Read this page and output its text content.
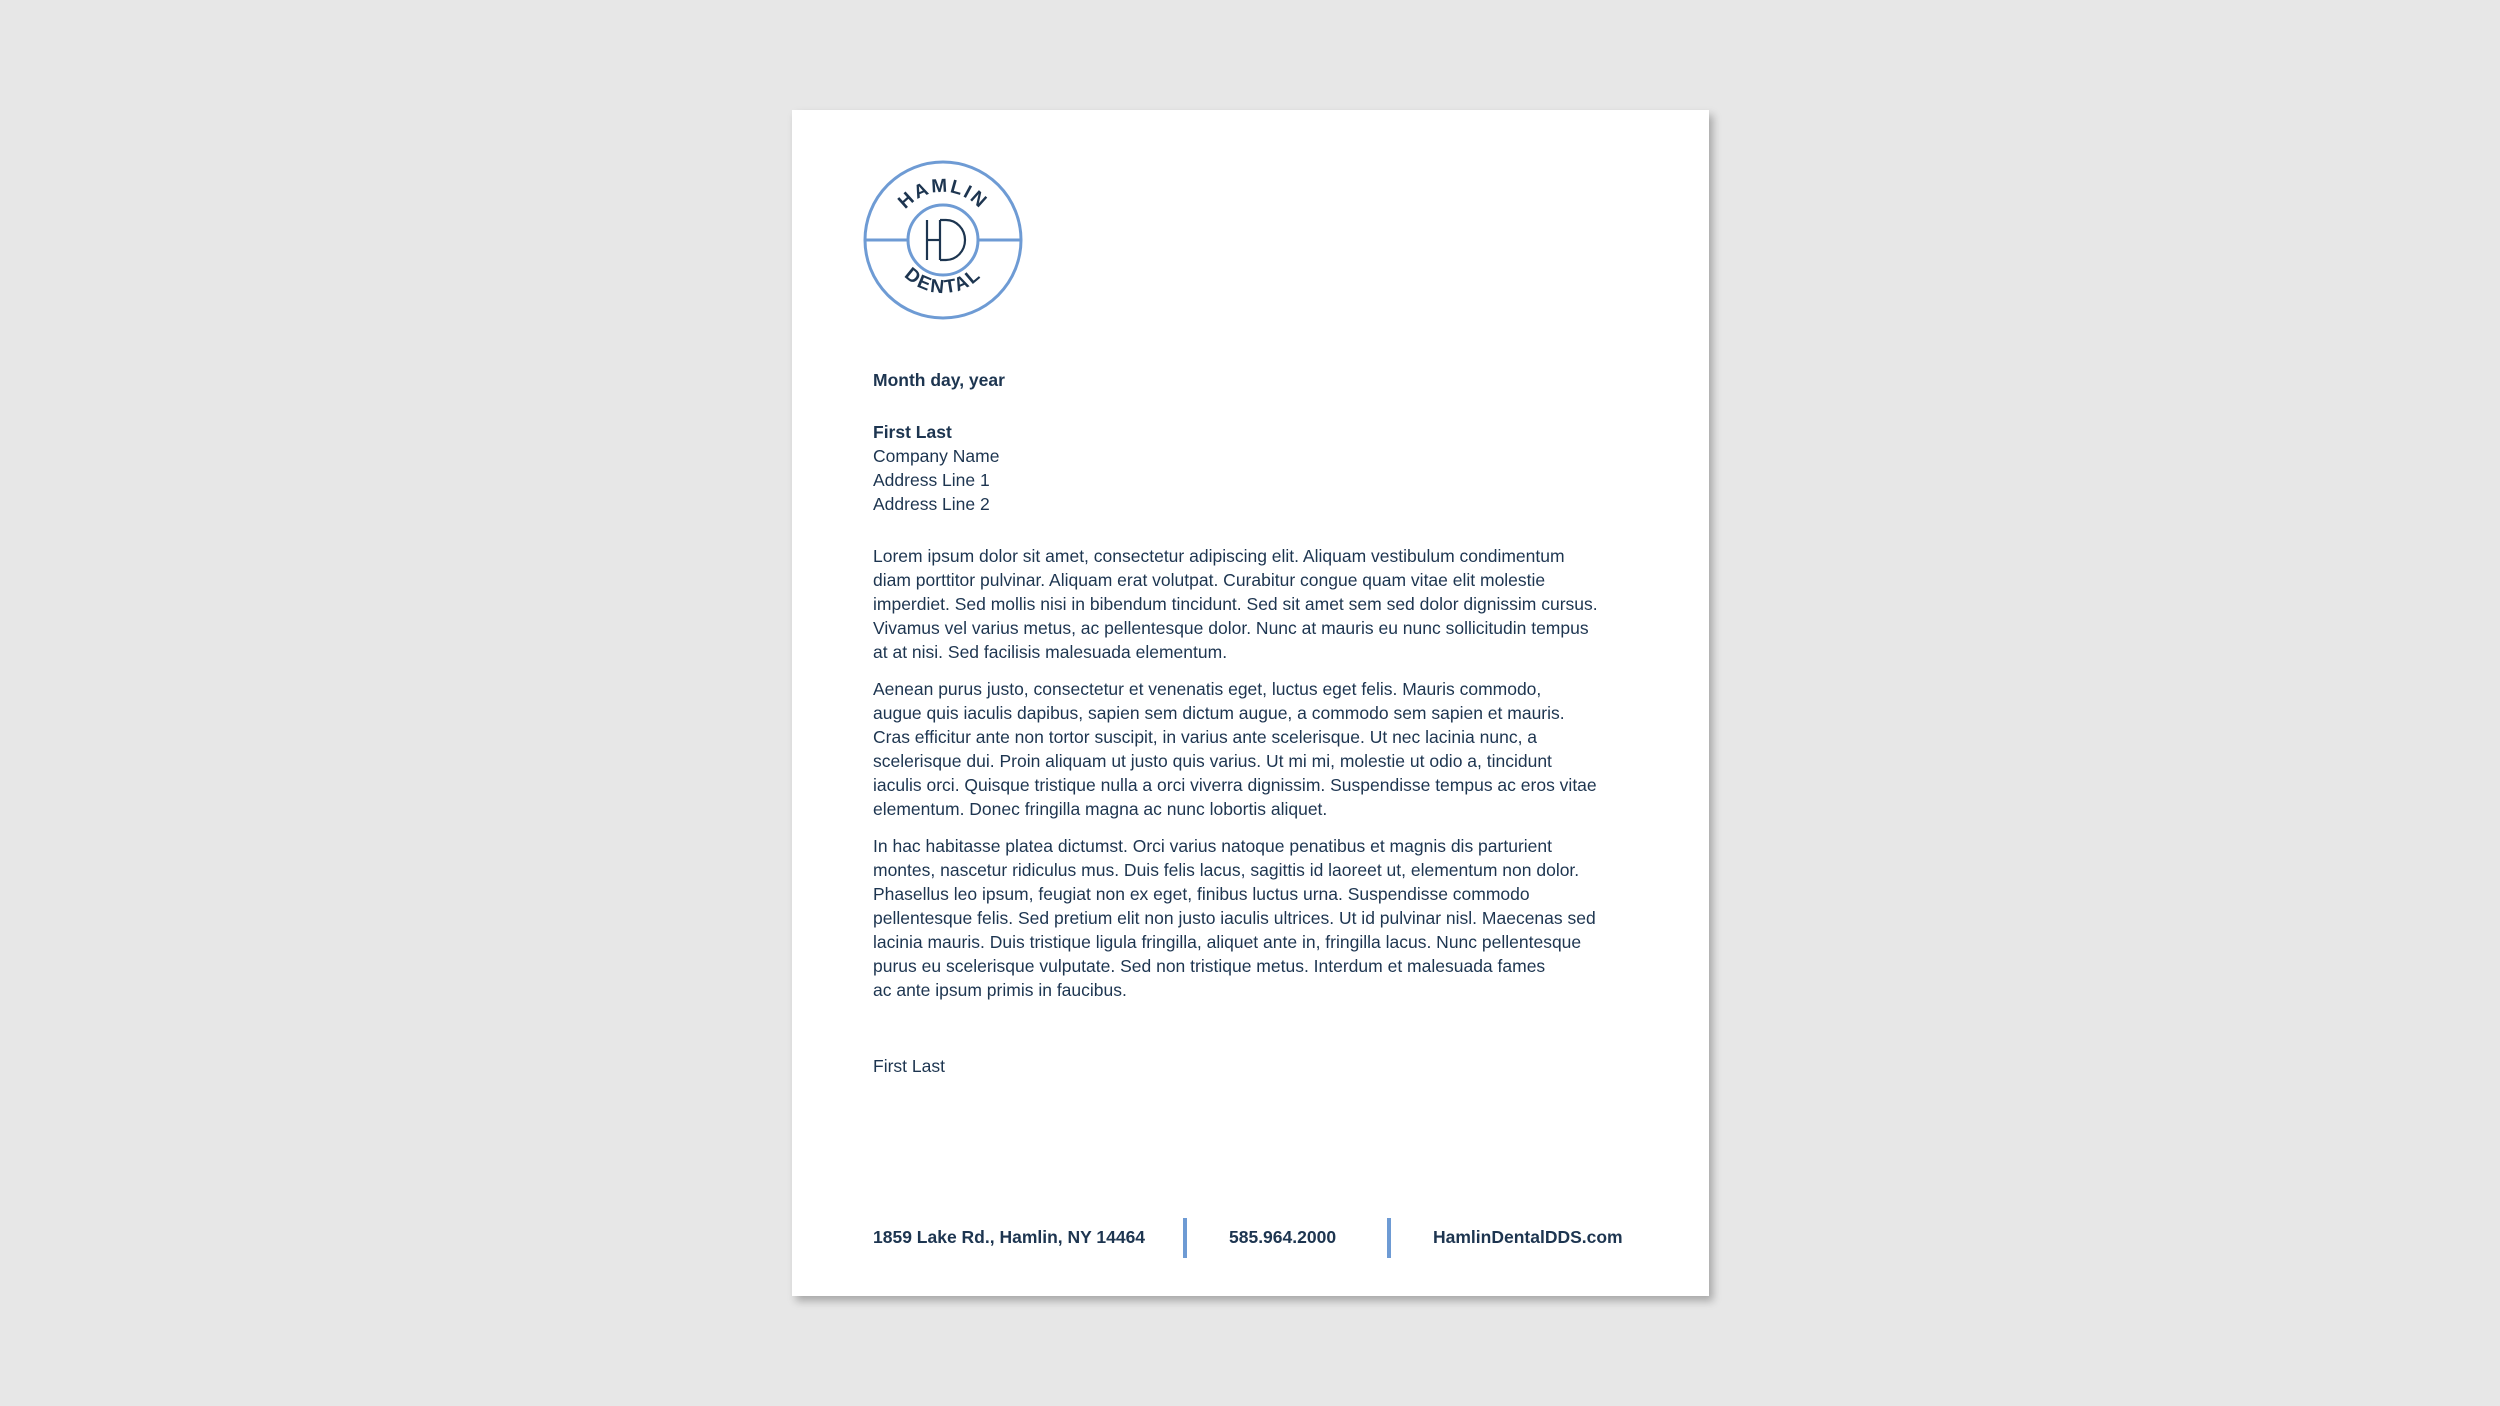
HAMLIN
DENTAL
Month day, year
First Last
Company Name
Address Line 1
Address Line 2

Lorem ipsum dolor sit amet, consectetur adipiscing elit. Aliquam vestibulum condimentum
diam porttitor pulvinar. Aliquam erat volutpat. Curabitur congue quam vitae elit molestie
imperdiet. Sed mollis nisi in bibendum tincidunt. Sed sit amet sem sed dolor dignissim cursus.
Vivamus vel varius metus, ac pellentesque dolor. Nunc at mauris eu nunc sollicitudin tempus
at at nisi. Sed facilisis malesuada elementum.

Aenean purus justo, consectetur et venenatis eget, luctus eget felis. Mauris commodo,
augue quis iaculis dapibus, sapien sem dictum augue, a commodo sem sapien et mauris.
Cras efficitur ante non tortor suscipit, in varius ante scelerisque. Ut nec lacinia nunc, a
scelerisque dui. Proin aliquam ut justo quis varius. Ut mi mi, molestie ut odio a, tincidunt
iaculis orci. Quisque tristique nulla a orci viverra dignissim. Suspendisse tempus ac eros vitae
elementum. Donec fringilla magna ac nunc lobortis aliquet.

In hac habitasse platea dictumst. Orci varius natoque penatibus et magnis dis parturient
montes, nascetur ridiculus mus. Duis felis lacus, sagittis id laoreet ut, elementum non dolor.
Phasellus leo ipsum, feugiat non ex eget, finibus luctus urna. Suspendisse commodo
pellentesque felis. Sed pretium elit non justo iaculis ultrices. Ut id pulvinar nisl. Maecenas sed
lacinia mauris. Duis tristique ligula fringilla, aliquet ante in, fringilla lacus. Nunc pellentesque
purus eu scelerisque vulputate. Sed non tristique metus. Interdum et malesuada fames
ac ante ipsum primis in faucibus.

First Last
1859 Lake Rd., Hamlin, NY 14464	585.964.2000	HamlinDentalDDS.com
